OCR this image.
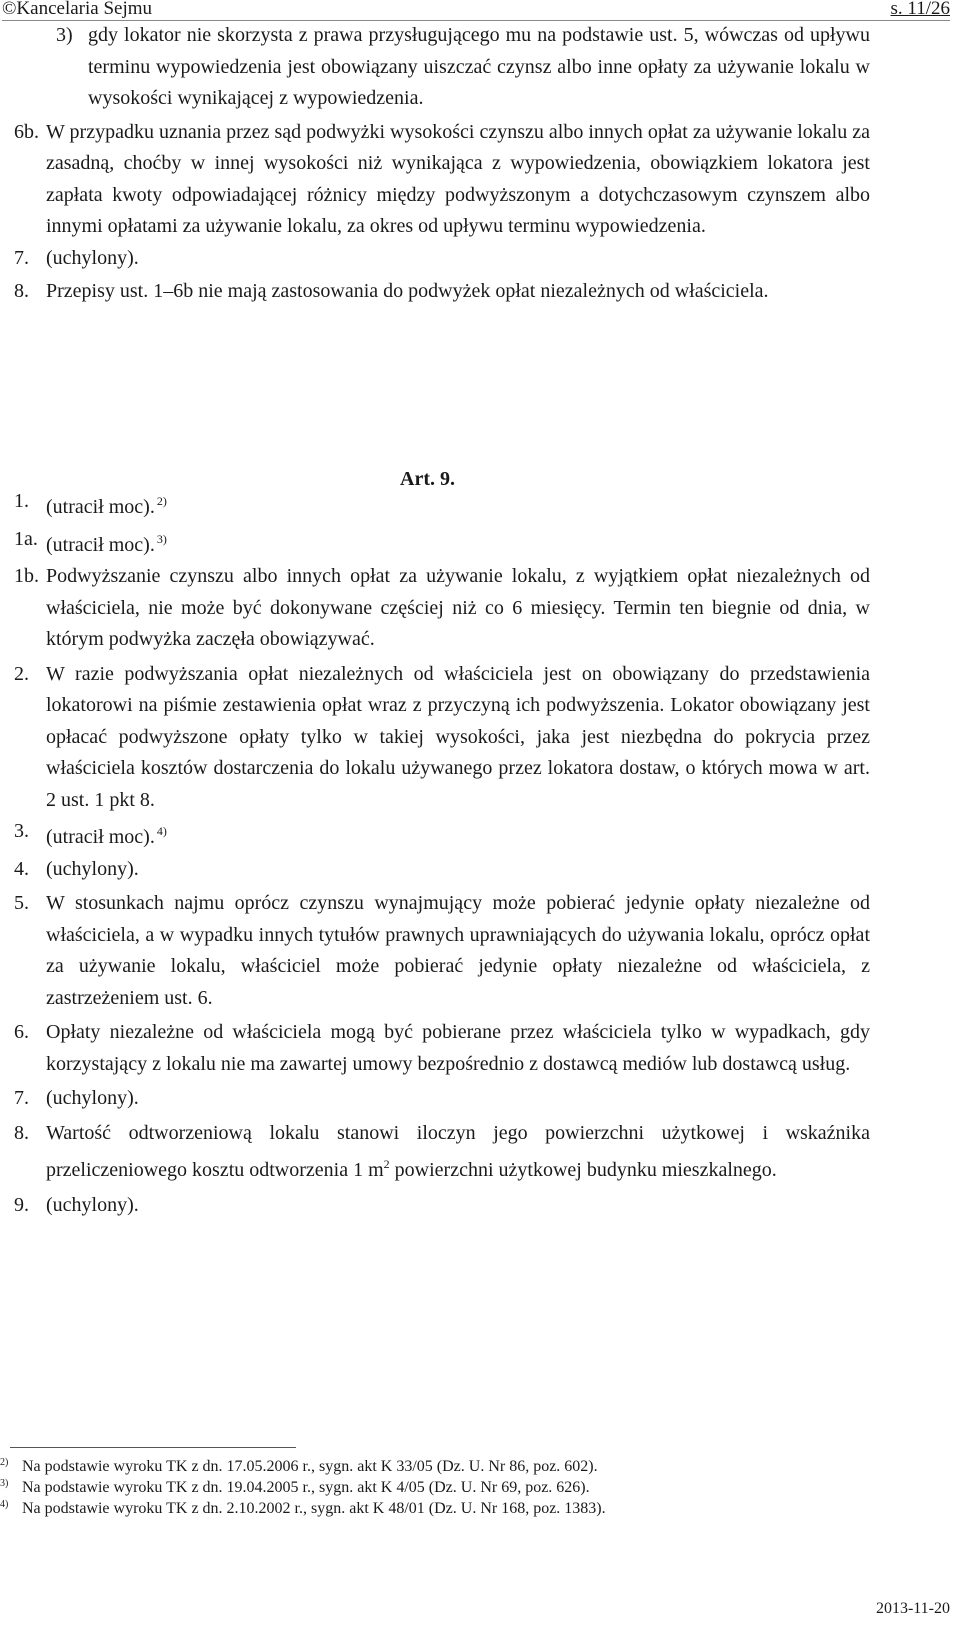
©Kancelaria Sejmu	s. 11/26
3) gdy lokator nie skorzysta z prawa przysługującego mu na podstawie ust. 5, wówczas od upływu terminu wypowiedzenia jest obowiązany uiszczać czynsz albo inne opłaty za używanie lokalu w wysokości wynikającej z wypowiedzenia.
6b. W przypadku uznania przez sąd podwyżki wysokości czynszu albo innych opłat za używanie lokalu za zasadną, choćby w innej wysokości niż wynikająca z wypowiedzenia, obowiązkiem lokatora jest zapłata kwoty odpowiadającej różnicy między podwyższonym a dotychczasowym czynszem albo innymi opłatami za używanie lokalu, za okres od upływu terminu wypowiedzenia.
7. (uchylony).
8. Przepisy ust. 1–6b nie mają zastosowania do podwyżek opłat niezależnych od właściciela.
Art. 9.
1. (utracił moc). $^{2)}$
1a. (utracił moc). $^{3)}$
1b. Podwyższanie czynszu albo innych opłat za używanie lokalu, z wyjątkiem opłat niezależnych od właściciela, nie może być dokonywane częściej niż co 6 miesięcy. Termin ten biegnie od dnia, w którym podwyżka zaczęła obowiązywać.
2. W razie podwyższania opłat niezależnych od właściciela jest on obowiązany do przedstawienia lokatorowi na piśmie zestawienia opłat wraz z przyczyną ich podwyższenia. Lokator obowiązany jest opłacać podwyższone opłaty tylko w takiej wysokości, jaka jest niezbędna do pokrycia przez właściciela kosztów dostarczenia do lokalu używanego przez lokatora dostaw, o których mowa w art. 2 ust. 1 pkt 8.
3. (utracił moc). $^{4)}$
4. (uchylony).
5. W stosunkach najmu oprócz czynszu wynajmujący może pobierać jedynie opłaty niezależne od właściciela, a w wypadku innych tytułów prawnych uprawniających do używania lokalu, oprócz opłat za używanie lokalu, właściciel może pobierać jedynie opłaty niezależne od właściciela, z zastrzeżeniem ust. 6.
6. Opłaty niezależne od właściciela mogą być pobierane przez właściciela tylko w wypadkach, gdy korzystający z lokalu nie ma zawartej umowy bezpośrednio z dostawcą mediów lub dostawcą usług.
7. (uchylony).
8. Wartość odtworzeniową lokalu stanowi iloczyn jego powierzchni użytkowej i wskaźnika przeliczeniowego kosztu odtworzenia 1 $m^2$ powierzchni użytkowej budynku mieszkalnego.
9. (uchylony).
2) Na podstawie wyroku TK z dn. 17.05.2006 r., sygn. akt K 33/05 (Dz. U. Nr 86, poz. 602).
3) Na podstawie wyroku TK z dn. 19.04.2005 r., sygn. akt K 4/05 (Dz. U. Nr 69, poz. 626).
4) Na podstawie wyroku TK z dn. 2.10.2002 r., sygn. akt K 48/01 (Dz. U. Nr 168, poz. 1383).
2013-11-20
